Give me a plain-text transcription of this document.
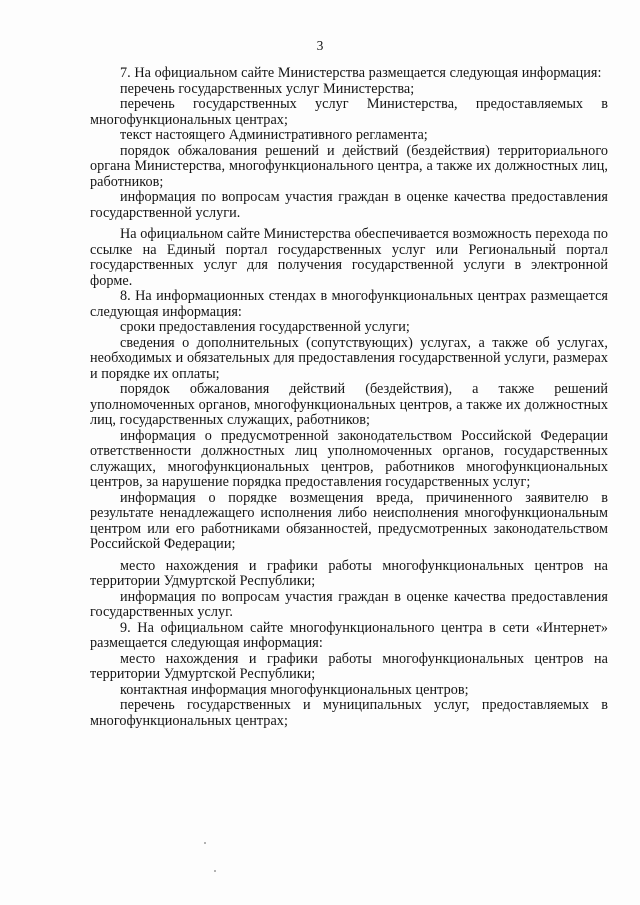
3

7. На официальном сайте Министерства размещается следующая информация:

перечень государственных услуг Министерства;

перечень государственных услуг Министерства, предоставляемых в многофункциональных центрах;

текст настоящего Административного регламента;

порядок обжалования решений и действий (бездействия) территориального органа Министерства, многофункционального центра, а также их должностных лиц, работников;

информация по вопросам участия граждан в оценке качества предоставления государственной услуги.

На официальном сайте Министерства обеспечивается возможность перехода по ссылке на Единый портал государственных услуг или Региональный портал государственных услуг для получения государственной услуги в электронной форме.

8. На информационных стендах в многофункциональных центрах размещается следующая информация:

сроки предоставления государственной услуги;

сведения о дополнительных (сопутствующих) услугах, а также об услугах, необходимых и обязательных для предоставления государственной услуги, размерах и порядке их оплаты;

порядок обжалования действий (бездействия), а также решений уполномоченных органов, многофункциональных центров, а также их должностных лиц, государственных служащих, работников;

информация о предусмотренной законодательством Российской Федерации ответственности должностных лиц уполномоченных органов, государственных служащих, многофункциональных центров, работников многофункциональных центров, за нарушение порядка предоставления государственных услуг;

информация о порядке возмещения вреда, причиненного заявителю в результате ненадлежащего исполнения либо неисполнения многофункциональным центром или его работниками обязанностей, предусмотренных законодательством Российской Федерации;

место нахождения и графики работы многофункциональных центров на территории Удмуртской Республики;

информация по вопросам участия граждан в оценке качества предоставления государственных услуг.

9. На официальном сайте многофункционального центра в сети «Интернет» размещается следующая информация:

место нахождения и графики работы многофункциональных центров на территории Удмуртской Республики;

контактная информация многофункциональных центров;

перечень государственных и муниципальных услуг, предоставляемых в многофункциональных центрах;
